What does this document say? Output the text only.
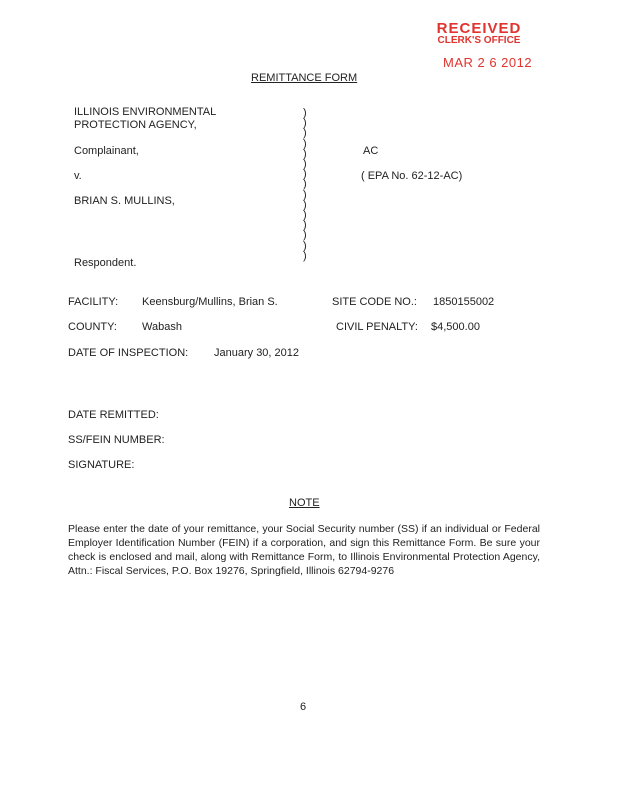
RECEIVED
CLERK'S OFFICE
MAR 2 6 2012
REMITTANCE FORM
ILLINOIS ENVIRONMENTAL
PROTECTION AGENCY,
Complainant,
v.
BRIAN S. MULLINS,
Respondent.
)
)
)
)
)
)
)
)
)
)
)
)
)
)
)
AC
( EPA No. 62-12-AC)
FACILITY: Keensburg/Mullins, Brian S.	SITE CODE NO.: 1850155002
COUNTY: Wabash	CIVIL PENALTY: $4,500.00
DATE OF INSPECTION: January 30, 2012
DATE REMITTED:
SS/FEIN NUMBER:
SIGNATURE:
NOTE
Please enter the date of your remittance, your Social Security number (SS) if an individual or Federal Employer Identification Number (FEIN) if a corporation, and sign this Remittance Form. Be sure your check is enclosed and mail, along with Remittance Form, to Illinois Environmental Protection Agency, Attn.: Fiscal Services, P.O. Box 19276, Springfield, Illinois 62794-9276
6
